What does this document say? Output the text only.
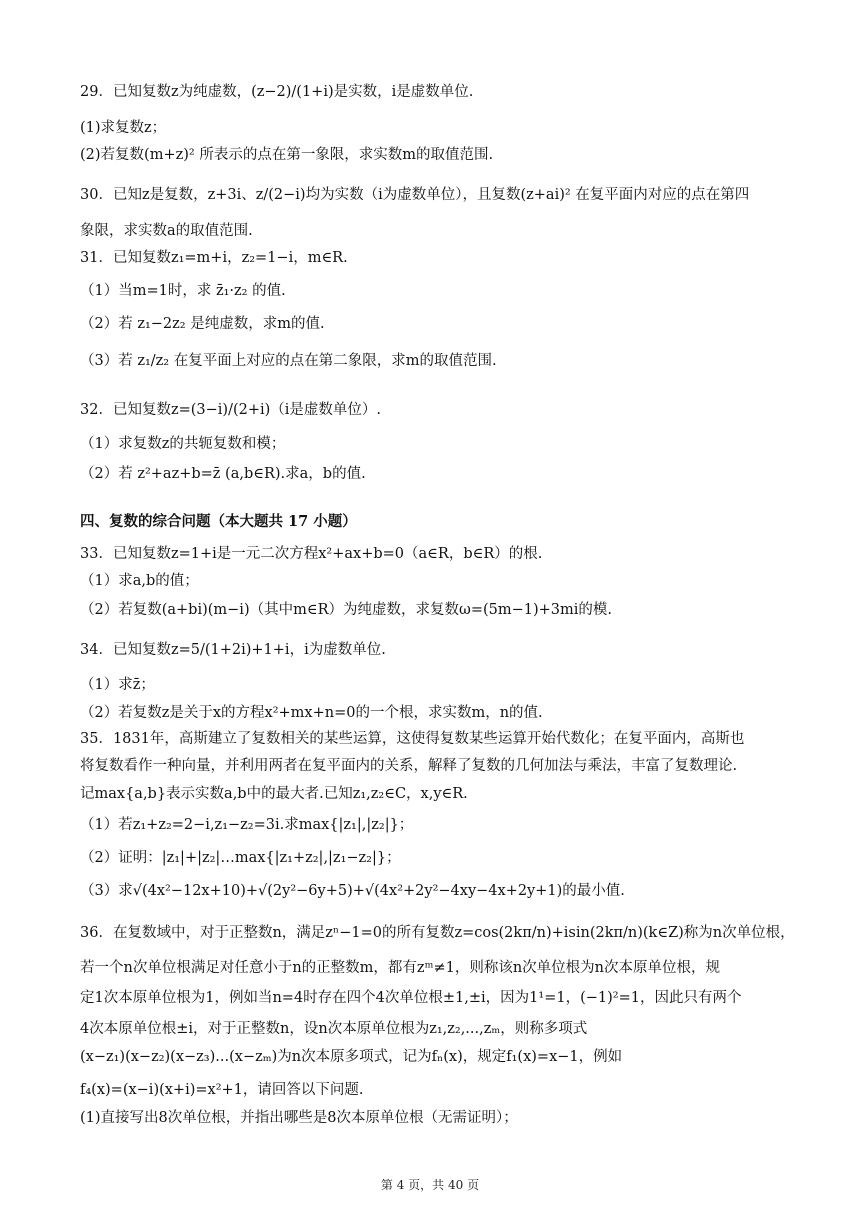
29．已知复数z为纯虚数，(z−2)/(1+i)是实数，i是虚数单位.
(1)求复数z；
(2)若复数(m+z)² 所表示的点在第一象限，求实数m的取值范围.
30．已知z是复数，z+3i、z/(2−i)均为实数（i为虚数单位），且复数(z+ai)² 在复平面内对应的点在第四
象限，求实数a的取值范围.
31．已知复数z₁=m+i，z₂=1−i，m∈R.
（1）当m=1时，求 z̄₁·z₂ 的值.
（2）若 z₁−2z₂ 是纯虚数，求m的值.
（3）若 z₁/z₂ 在复平面上对应的点在第二象限，求m的取值范围.
32．已知复数z=(3−i)/(2+i)（i是虚数单位）.
（1）求复数z的共轭复数和模；
（2）若 z²+az+b=z̄ (a,b∈R).求a，b的值.
四、复数的综合问题（本大题共 17 小题）
33．已知复数z=1+i是一元二次方程x²+ax+b=0（a∈R，b∈R）的根.
（1）求a,b的值；
（2）若复数(a+bi)(m−i)（其中m∈R）为纯虚数，求复数ω=(5m−1)+3mi的模.
34．已知复数z=5/(1+2i)+1+i，i为虚数单位.
（1）求z̄；
（2）若复数z是关于x的方程x²+mx+n=0的一个根，求实数m，n的值.
35．1831年，高斯建立了复数相关的某些运算，这使得复数某些运算开始代数化；在复平面内，高斯也
将复数看作一种向量，并利用两者在复平面内的关系，解释了复数的几何加法与乘法，丰富了复数理论.
记max{a,b}表示实数a,b中的最大者.已知z₁,z₂∈C，x,y∈R.
（1）若z₁+z₂=2−i,z₁−z₂=3i.求max{|z₁|,|z₂|}；
（2）证明：|z₁|+|z₂|…max{|z₁+z₂|,|z₁−z₂|}；
（3）求√(4x²−12x+10)+√(2y²−6y+5)+√(4x²+2y²−4xy−4x+2y+1)的最小值.
36．在复数域中，对于正整数n，满足zⁿ−1=0的所有复数z=cos(2kπ/n)+isin(2kπ/n)(k∈Z)称为n次单位根，
若一个n次单位根满足对任意小于n的正整数m，都有zᵐ≠1，则称该n次单位根为n次本原单位根，规
定1次本原单位根为1，例如当n=4时存在四个4次单位根±1,±i，因为1¹=1，(−1)²=1，因此只有两个
4次本原单位根±i，对于正整数n，设n次本原单位根为z₁,z₂,...,zₘ，则称多项式
(x−z₁)(x−z₂)(x−z₃)...(x−zₘ)为n次本原多项式，记为fₙ(x)，规定f₁(x)=x−1，例如
f₄(x)=(x−i)(x+i)=x²+1，请回答以下问题.
(1)直接写出8次单位根，并指出哪些是8次本原单位根（无需证明）；
第 4 页，共 40 页
